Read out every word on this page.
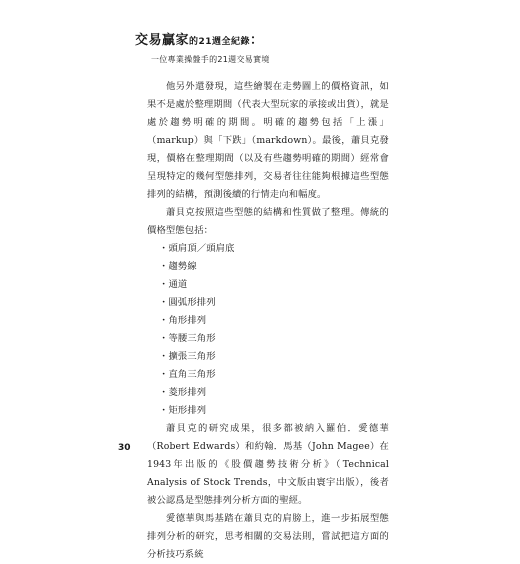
交易贏家的21週全紀錄：
一位專業操盤手的21週交易實境

他另外還發現，這些繪製在走勢圖上的價格資訊，如果不是處於整理期間（代表大型玩家的承接或出貨），就是處於趨勢明確的期間。明確的趨勢包括「上漲」（markup）與「下跌」（markdown）。最後，蕭貝克發現，價格在整理期間（以及有些趨勢明確的期間）經常會呈現特定的幾何型態排列，交易者往往能夠根據這些型態排列的結構，預測後續的行情走向和幅度。

蕭貝克按照這些型態的結構和性質做了整理。傳統的價格型態包括：

・頭肩頂／頭肩底
・趨勢線
・通道
・圓弧形排列
・角形排列
・等腰三角形
・擴張三角形
・直角三角形
・菱形排列
・矩形排列

蕭貝克的研究成果，很多都被納入羅伯．愛德華（Robert Edwards）和約翰．馬基（John Magee）在1943年出版的《股價趨勢技術分析》（Technical Analysis of Stock Trends，中文版由寰宇出版），後者被公認爲是型態排列分析方面的聖經。

愛德華與馬基踏在蕭貝克的肩膀上，進一步拓展型態排列分析的研究，思考相關的交易法則，嘗試把這方面的分析技巧系統

30
